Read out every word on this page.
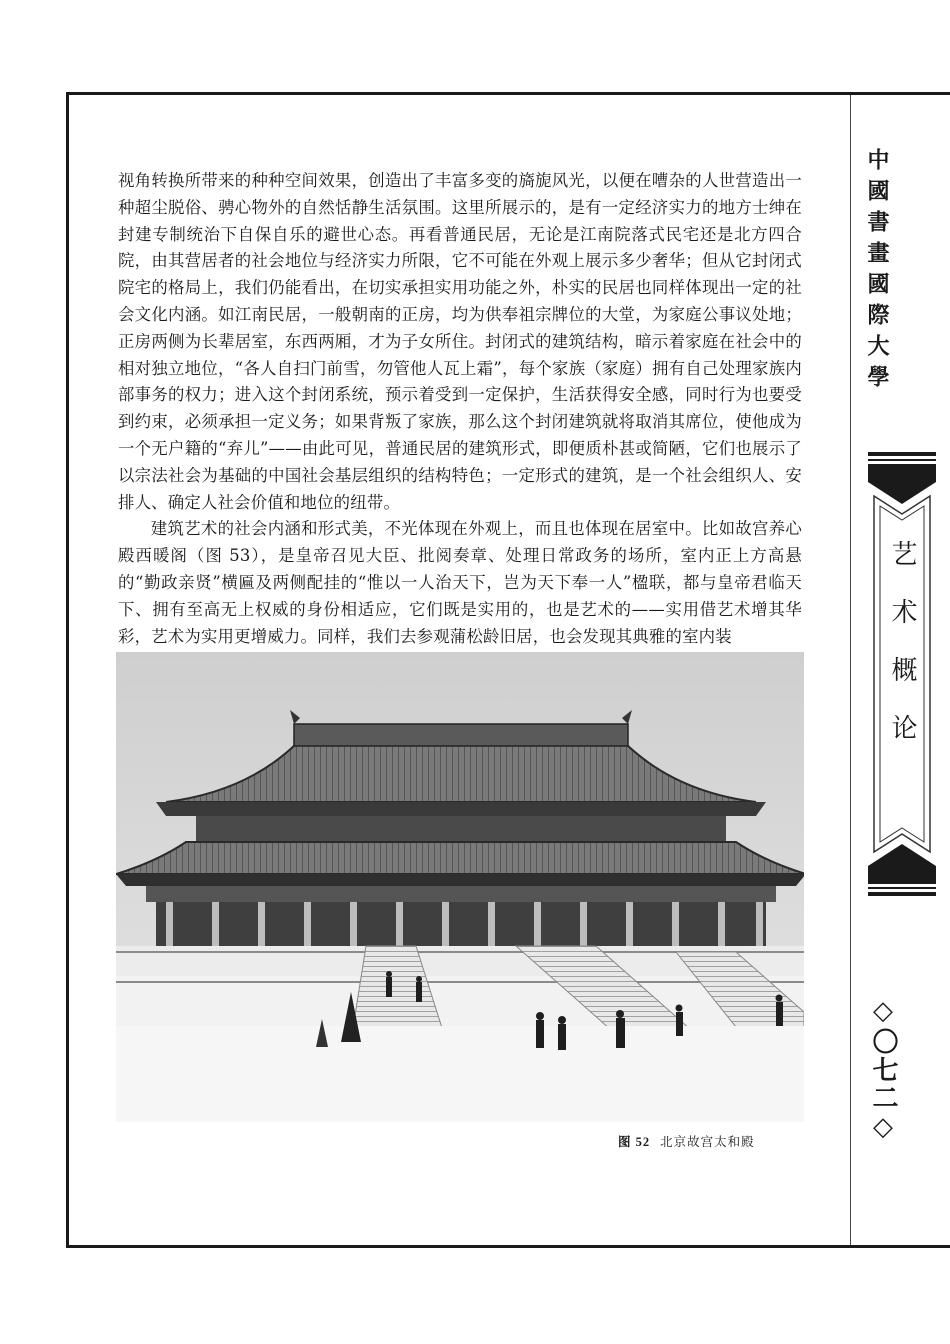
视角转换所带来的种种空间效果，创造出了丰富多变的旖旎风光，以便在嘈杂的人世营造出一种超尘脱俗、骋心物外的自然恬静生活氛围。这里所展示的，是有一定经济实力的地方士绅在封建专制统治下自保自乐的避世心态。再看普通民居，无论是江南院落式民宅还是北方四合院，由其营居者的社会地位与经济实力所限，它不可能在外观上展示多少奢华；但从它封闭式院宅的格局上，我们仍能看出，在切实承担实用功能之外，朴实的民居也同样体现出一定的社会文化内涵。如江南民居，一般朝南的正房，均为供奉祖宗牌位的大堂，为家庭公事议处地；正房两侧为长辈居室，东西两厢，才为子女所住。封闭式的建筑结构，暗示着家庭在社会中的相对独立地位，“各人自扫门前雪，勿管他人瓦上霜”，每个家族（家庭）拥有自己处理家族内部事务的权力；进入这个封闭系统，预示着受到一定保护，生活获得安全感，同时行为也要受到约束，必须承担一定义务；如果背叛了家族，那么这个封闭建筑就将取消其席位，使他成为一个无户籍的“弃儿”——由此可见，普通民居的建筑形式，即便质朴甚或简陋，它们也展示了以宗法社会为基础的中国社会基层组织的结构特色；一定形式的建筑，是一个社会组织人、安排人、确定人社会价值和地位的纽带。

建筑艺术的社会内涵和形式美，不光体现在外观上，而且也体现在居室中。比如故宫养心殿西暖阁（图 53），是皇帝召见大臣、批阅奏章、处理日常政务的场所，室内正上方高悬的“勤政亲贤”横匾及两侧配挂的“惟以一人治天下，岂为天下奉一人”楹联，都与皇帝君临天下、拥有至高无上权威的身份相适应，它们既是实用的，也是艺术的——实用借艺术增其华彩，艺术为实用更增威力。同样，我们去参观蒲松龄旧居，也会发现其典雅的室内装

图 52 北京故宫太和殿
中國書畫國際大學
艺术概论
◇〇七二◇
